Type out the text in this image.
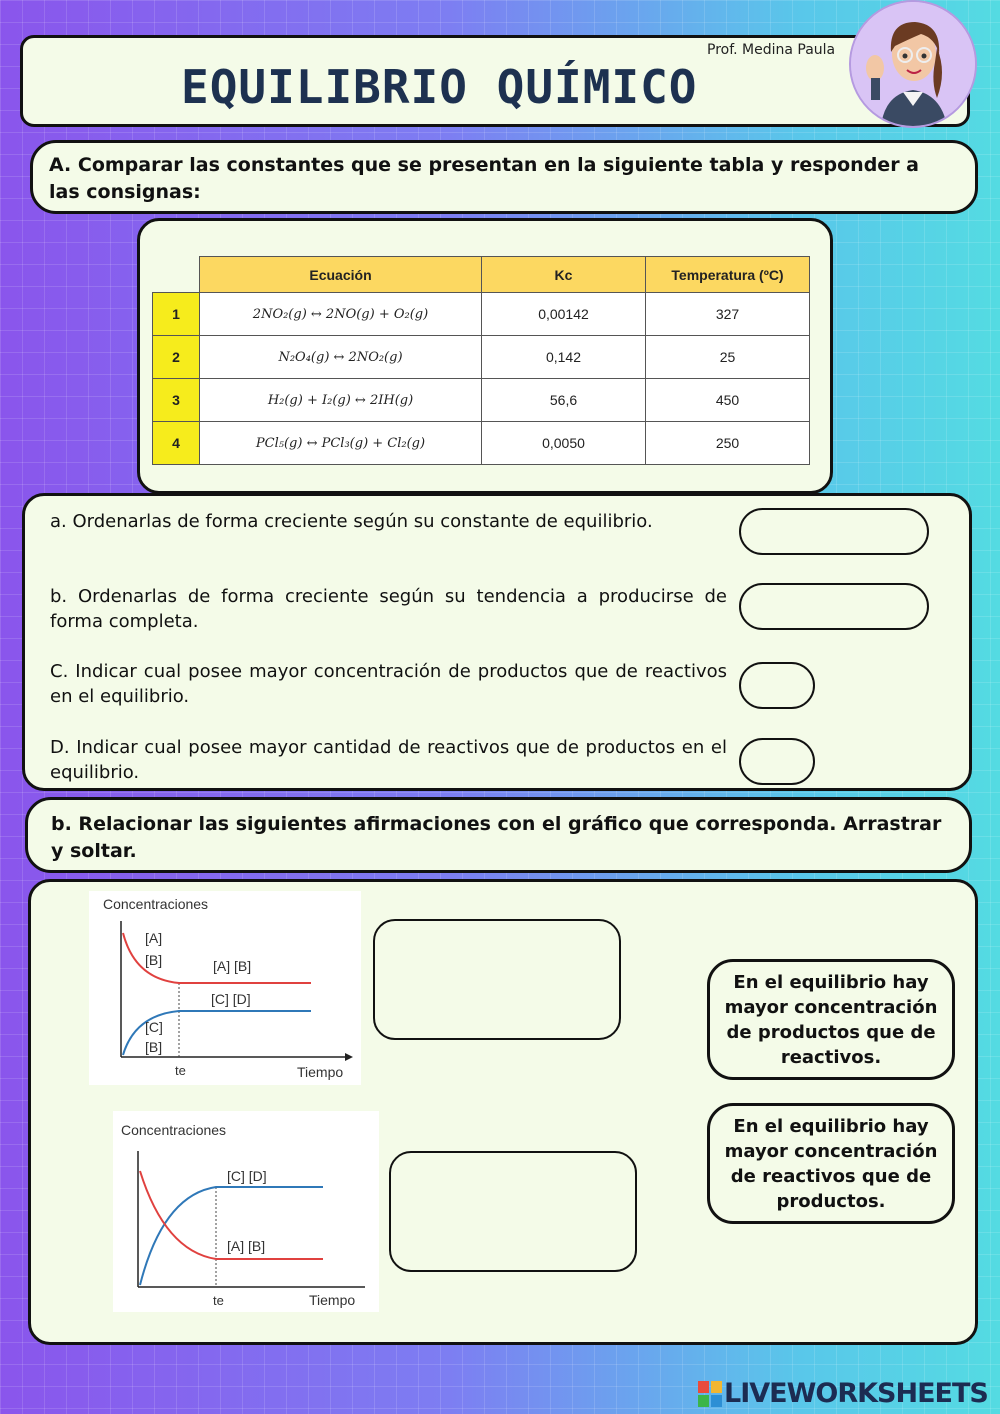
EQUILIBRIO QUÍMICO
Prof. Medina Paula
A. Comparar las constantes que se presentan en la siguiente tabla y responder a las consignas:
	Ecuación	Kc	Temperatura (ºC)
1	2NO₂(g) ↔ 2NO(g) + O₂(g)	0,00142	327
2	N₂O₄(g) ↔ 2NO₂(g)	0,142	25
3	H₂(g) + I₂(g) ↔ 2IH(g)	56,6	450
4	PCl₅(g) ↔ PCl₃(g) + Cl₂(g)	0,0050	250
a. Ordenarlas de forma creciente según su constante de equilibrio.
b. Ordenarlas de forma creciente según su tendencia a producirse de forma completa.
C. Indicar cual posee mayor concentración de productos que de reactivos en el equilibrio.
D. Indicar cual posee mayor cantidad de reactivos que de productos en el equilibrio.
b. Relacionar las siguientes afirmaciones con el gráfico que corresponda. Arrastrar y soltar.
Concentraciones
[A]
[B]	[A] [B]
[C] [D]
[C]
[B]
te	Tiempo
Concentraciones
[C] [D]
[A] [B]
te	Tiempo
En el equilibrio hay mayor concentración de productos que de reactivos.
En el equilibrio hay mayor concentración de reactivos que de productos.
LIVEWORKSHEETS
